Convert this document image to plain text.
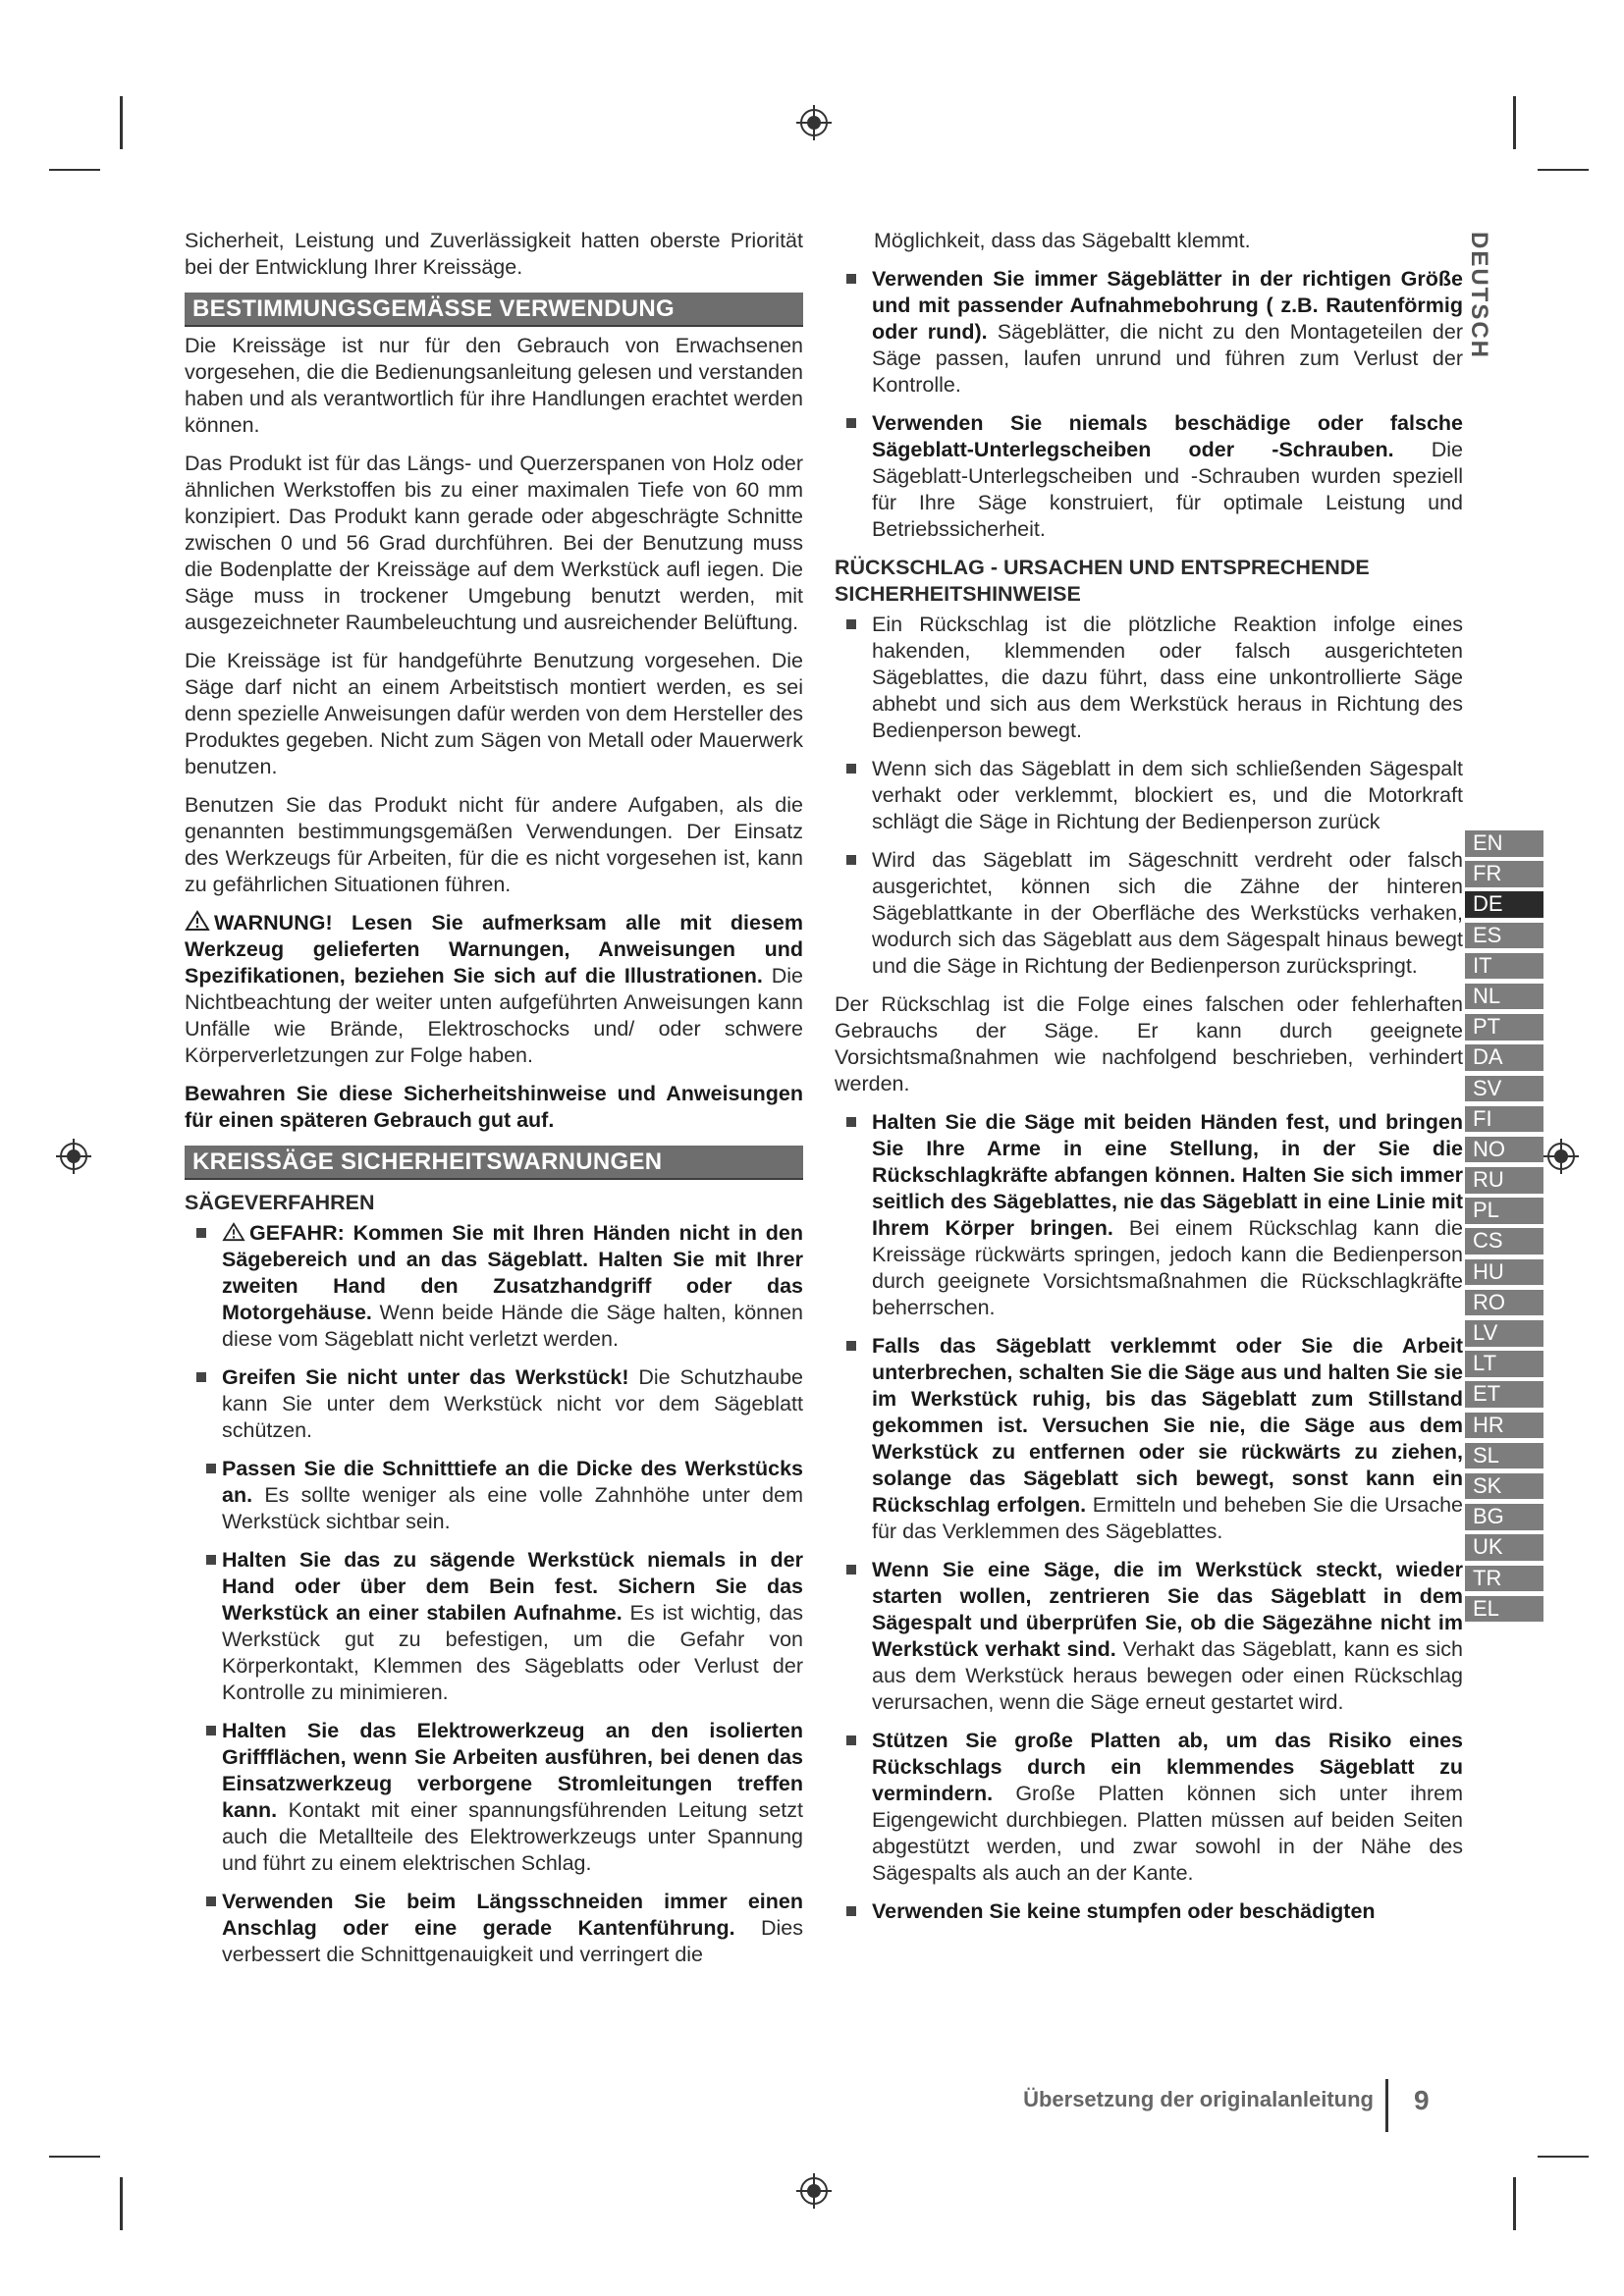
DEUTSCH

Sicherheit, Leistung und Zuverlässigkeit hatten oberste Priorität bei der Entwicklung Ihrer Kreissäge.

BESTIMMUNGSGEMÄSSE VERWENDUNG

Die Kreissäge ist nur für den Gebrauch von Erwachsenen vorgesehen, die die Bedienungsanleitung gelesen und verstanden haben und als verantwortlich für ihre Handlungen erachtet werden können.

Das Produkt ist für das Längs- und Querzerspanen von Holz oder ähnlichen Werkstoffen bis zu einer maximalen Tiefe von 60 mm konzipiert. Das Produkt kann gerade oder abgeschrägte Schnitte zwischen 0 und 56 Grad durchführen. Bei der Benutzung muss die Bodenplatte der Kreissäge auf dem Werkstück aufl iegen. Die Säge muss in trockener Umgebung benutzt werden, mit ausgezeichneter Raumbeleuchtung und ausreichender Belüftung.

Die Kreissäge ist für handgeführte Benutzung vorgesehen. Die Säge darf nicht an einem Arbeitstisch montiert werden, es sei denn spezielle Anweisungen dafür werden von dem Hersteller des Produktes gegeben. Nicht zum Sägen von Metall oder Mauerwerk benutzen.

Benutzen Sie das Produkt nicht für andere Aufgaben, als die genannten bestimmungsgemäßen Verwendungen. Der Einsatz des Werkzeugs für Arbeiten, für die es nicht vorgesehen ist, kann zu gefährlichen Situationen führen.

WARNUNG! Lesen Sie aufmerksam alle mit diesem Werkzeug gelieferten Warnungen, Anweisungen und Spezifikationen, beziehen Sie sich auf die Illustrationen. Die Nichtbeachtung der weiter unten aufgeführten Anweisungen kann Unfälle wie Brände, Elektroschocks und/ oder schwere Körperverletzungen zur Folge haben.

Bewahren Sie diese Sicherheitshinweise und Anweisungen für einen späteren Gebrauch gut auf.

KREISSÄGE SICHERHEITSWARNUNGEN
SÄGEVERFAHREN
GEFAHR: Kommen Sie mit Ihren Händen nicht in den Sägebereich und an das Sägeblatt. Halten Sie mit Ihrer zweiten Hand den Zusatzhandgriff oder das Motorgehäuse. Wenn beide Hände die Säge halten, können diese vom Sägeblatt nicht verletzt werden.
Greifen Sie nicht unter das Werkstück! Die Schutzhaube kann Sie unter dem Werkstück nicht vor dem Sägeblatt schützen.
Passen Sie die Schnitttiefe an die Dicke des Werkstücks an. Es sollte weniger als eine volle Zahnhöhe unter dem Werkstück sichtbar sein.
Halten Sie das zu sägende Werkstück niemals in der Hand oder über dem Bein fest. Sichern Sie das Werkstück an einer stabilen Aufnahme. Es ist wichtig, das Werkstück gut zu befestigen, um die Gefahr von Körperkontakt, Klemmen des Sägeblatts oder Verlust der Kontrolle zu minimieren.
Halten Sie das Elektrowerkzeug an den isolierten Griffflächen, wenn Sie Arbeiten ausführen, bei denen das Einsatzwerkzeug verborgene Stromleitungen treffen kann. Kontakt mit einer spannungsführenden Leitung setzt auch die Metallteile des Elektrowerkzeugs unter Spannung und führt zu einem elektrischen Schlag.
Verwenden Sie beim Längsschneiden immer einen Anschlag oder eine gerade Kantenführung. Dies verbessert die Schnittgenauigkeit und verringert die

Möglichkeit, dass das Sägebaltt klemmt.

Verwenden Sie immer Sägeblätter in der richtigen Größe und mit passender Aufnahmebohrung ( z.B. Rautenförmig oder rund). Sägeblätter, die nicht zu den Montageteilen der Säge passen, laufen unrund und führen zum Verlust der Kontrolle.
Verwenden Sie niemals beschädige oder falsche Sägeblatt-Unterlegscheiben oder -Schrauben. Die Sägeblatt-Unterlegscheiben und -Schrauben wurden speziell für Ihre Säge konstruiert, für optimale Leistung und Betriebssicherheit.
RÜCKSCHLAG - URSACHEN UND ENTSPRECHENDE SICHERHEITSHINWEISE
Ein Rückschlag ist die plötzliche Reaktion infolge eines hakenden, klemmenden oder falsch ausgerichteten Sägeblattes, die dazu führt, dass eine unkontrollierte Säge abhebt und sich aus dem Werkstück heraus in Richtung des Bedienperson bewegt.
Wenn sich das Sägeblatt in dem sich schließenden Sägespalt verhakt oder verklemmt, blockiert es, und die Motorkraft schlägt die Säge in Richtung der Bedienperson zurück
Wird das Sägeblatt im Sägeschnitt verdreht oder falsch ausgerichtet, können sich die Zähne der hinteren Sägeblattkante in der Oberfläche des Werkstücks verhaken, wodurch sich das Sägeblatt aus dem Sägespalt hinaus bewegt und die Säge in Richtung der Bedienperson zurückspringt.

Der Rückschlag ist die Folge eines falschen oder fehlerhaften Gebrauchs der Säge. Er kann durch geeignete Vorsichtsmaßnahmen wie nachfolgend beschrieben, verhindert werden.

Halten Sie die Säge mit beiden Händen fest, und bringen Sie Ihre Arme in eine Stellung, in der Sie die Rückschlagkräfte abfangen können. Halten Sie sich immer seitlich des Sägeblattes, nie das Sägeblatt in eine Linie mit Ihrem Körper bringen. Bei einem Rückschlag kann die Kreissäge rückwärts springen, jedoch kann die Bedienperson durch geeignete Vorsichtsmaßnahmen die Rückschlagkräfte beherrschen.
Falls das Sägeblatt verklemmt oder Sie die Arbeit unterbrechen, schalten Sie die Säge aus und halten Sie sie im Werkstück ruhig, bis das Sägeblatt zum Stillstand gekommen ist. Versuchen Sie nie, die Säge aus dem Werkstück zu entfernen oder sie rückwärts zu ziehen, solange das Sägeblatt sich bewegt, sonst kann ein Rückschlag erfolgen. Ermitteln und beheben Sie die Ursache für das Verklemmen des Sägeblattes.
Wenn Sie eine Säge, die im Werkstück steckt, wieder starten wollen, zentrieren Sie das Sägeblatt in dem Sägespalt und überprüfen Sie, ob die Sägezähne nicht im Werkstück verhakt sind. Verhakt das Sägeblatt, kann es sich aus dem Werkstück heraus bewegen oder einen Rückschlag verursachen, wenn die Säge erneut gestartet wird.
Stützen Sie große Platten ab, um das Risiko eines Rückschlags durch ein klemmendes Sägeblatt zu vermindern. Große Platten können sich unter ihrem Eigengewicht durchbiegen. Platten müssen auf beiden Seiten abgestützt werden, und zwar sowohl in der Nähe des Sägespalts als auch an der Kante.
Verwenden Sie keine stumpfen oder beschädigten
EN
FR
DE
ES
IT
NL
PT
DA
SV
FI
NO
RU
PL
CS
HU
RO
LV
LT
ET
HR
SL
SK
BG
UK
TR
EL
Übersetzung der originalanleitung 9
